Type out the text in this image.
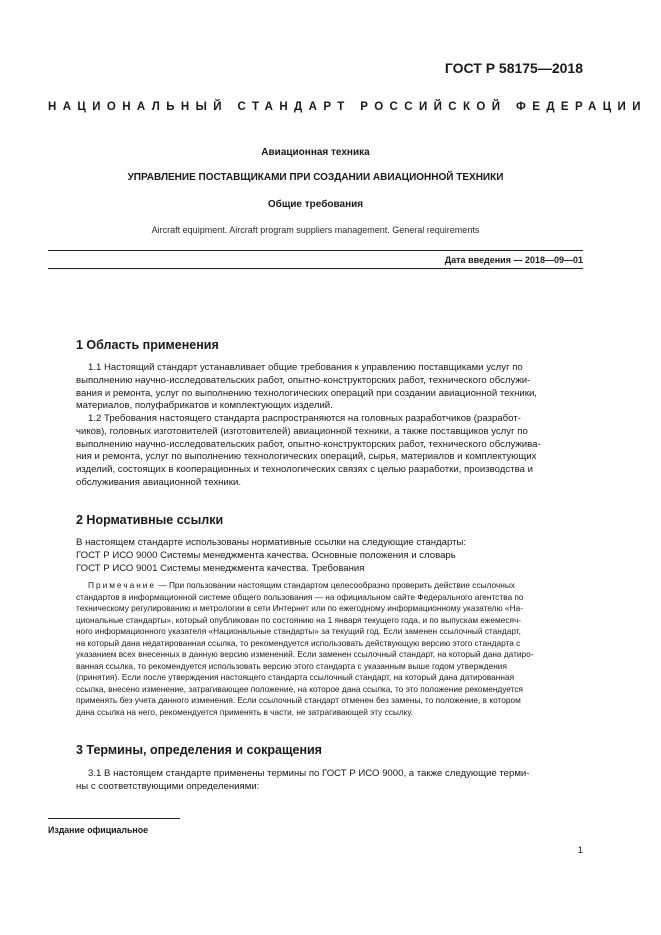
ГОСТ Р 58175—2018
НАЦИОНАЛЬНЫЙ СТАНДАРТ РОССИЙСКОЙ ФЕДЕРАЦИИ
Авиационная техника
УПРАВЛЕНИЕ ПОСТАВЩИКАМИ ПРИ СОЗДАНИИ АВИАЦИОННОЙ ТЕХНИКИ
Общие требования
Aircraft equipment. Aircraft program suppliers management. General requirements
Дата введения — 2018—09—01
1 Область применения
1.1 Настоящий стандарт устанавливает общие требования к управлению поставщиками услуг по
выполнению научно-исследовательских работ, опытно-конструкторских работ, технического обслужи-
вания и ремонта, услуг по выполнению технологических операций при создании авиационной техники,
материалов, полуфабрикатов и комплектующих изделий.
1.2 Требования настоящего стандарта распространяются на головных разработчиков (разработ-
чиков), головных изготовителей (изготовителей) авиационной техники, а также поставщиков услуг по
выполнению научно-исследовательских работ, опытно-конструкторских работ, технического обслужива-
ния и ремонта, услуг по выполнению технологических операций, сырья, материалов и комплектующих
изделий, состоящих в кооперационных и технологических связях с целью разработки, производства и
обслуживания авиационной техники.
2 Нормативные ссылки
В настоящем стандарте использованы нормативные ссылки на следующие стандарты:
ГОСТ Р ИСО 9000 Системы менеджмента качества. Основные положения и словарь
ГОСТ Р ИСО 9001 Системы менеджмента качества. Требования
Примечание — При пользовании настоящим стандартом целесообразно проверить действие ссылочных
стандартов в информационной системе общего пользования — на официальном сайте Федерального агентства по
техническому регулированию и метрологии в сети Интернет или по ежегодному информационному указателю «На-
циональные стандарты», который опубликован по состоянию на 1 января текущего года, и по выпускам ежемесяч-
ного информационного указателя «Национальные стандарты» за текущий год. Если заменен ссылочный стандарт,
на который дана недатированная ссылка, то рекомендуется использовать действующую версию этого стандарта с
указанием всех внесенных в данную версию изменений. Если заменен ссылочный стандарт, на который дана датиро-
ванная ссылка, то рекомендуется использовать версию этого стандарта с указанным выше годом утверждения
(принятия). Если после утверждения настоящего стандарта ссылочный стандарт, на который дана датированная
ссылка, внесено изменение, затрагивающее положение, на которое дана ссылка, то это положение рекомендуется
применять без учета данного изменения. Если ссылочный стандарт отменен без замены, то положение, в котором
дана ссылка на него, рекомендуется применять в части, не затрагивающей эту ссылку.
3 Термины, определения и сокращения
3.1 В настоящем стандарте применены термины по ГОСТ Р ИСО 9000, а также следующие терми-
ны с соответствующими определениями:
Издание официальное
1
